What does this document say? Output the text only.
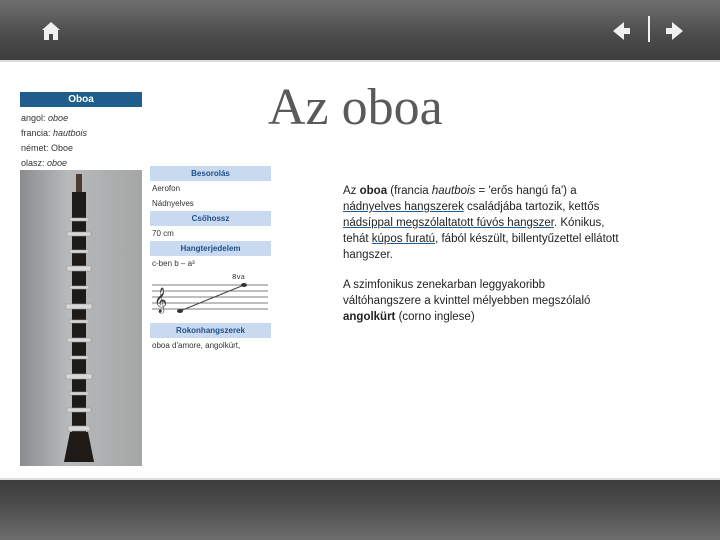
Az oboa
Oboa
angol: oboe
francia: hautbois
német: Oboe
olasz: oboe
Besorolás
Aerofon
Nádnyelves
Csőhossz
70 cm
Hangterjedelem
c-ben b – a³
𝄞
8va
Rokonhangszerek
oboa d'amore, angolkürt,

Az oboa (francia hautbois = 'erős hangú fa') a nádnyelves hangszerek családjába tartozik, kettős nádsíppal megszólaltatott fúvós hangszer. Kónikus, tehát kúpos furatú, fából készült, billentyűzettel ellátott hangszer.

A szimfonikus zenekarban leggyakoribb váltóhangszere a kvinttel mélyebben megszólaló angolkürt (corno inglese)
